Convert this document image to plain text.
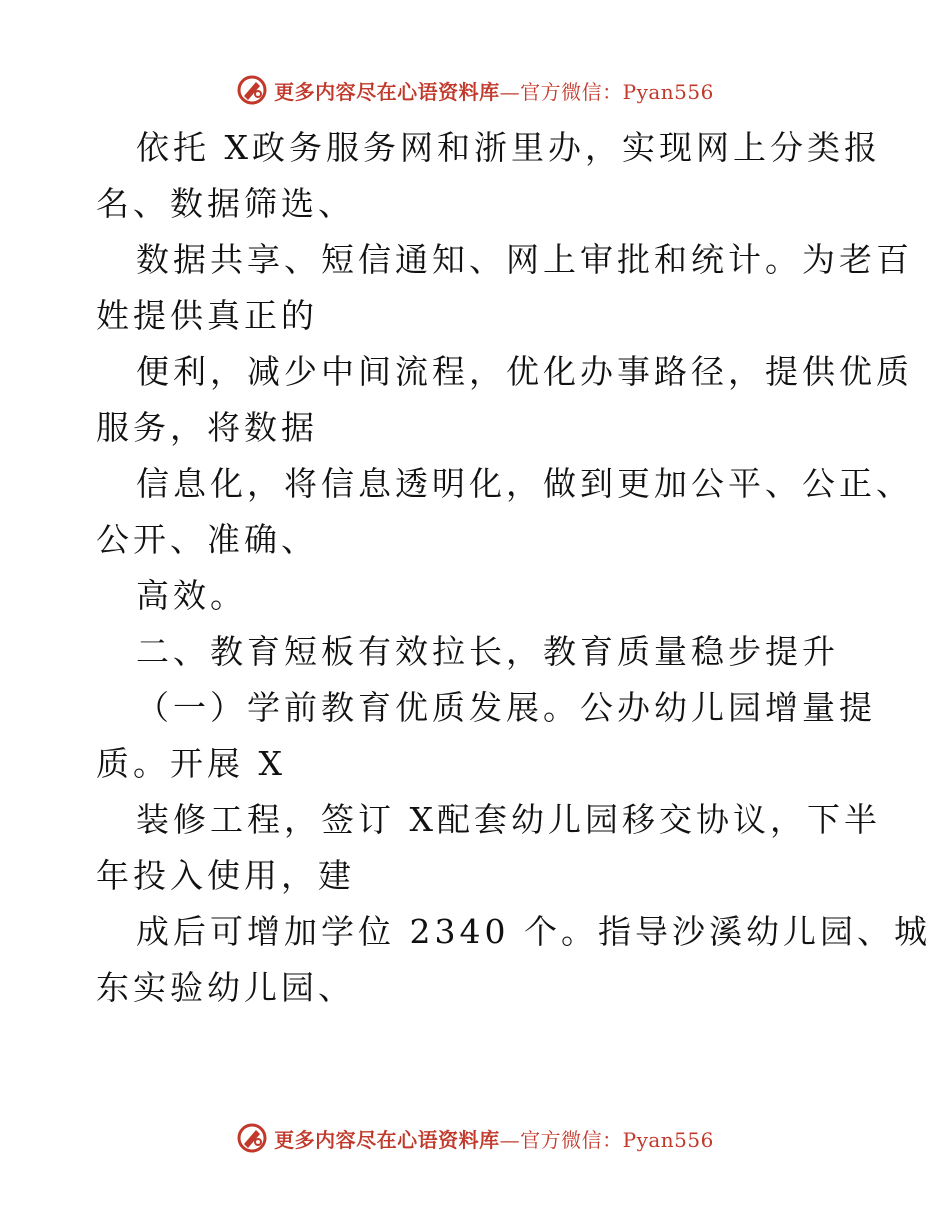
更多内容尽在心语资料库—官方微信：Pyan556
依托 X政务服务网和浙里办，实现网上分类报
名、数据筛选、
数据共享、短信通知、网上审批和统计。为老百
姓提供真正的
便利，减少中间流程，优化办事路径，提供优质
服务，将数据
信息化，将信息透明化，做到更加公平、公正、
公开、准确、
高效。
二、教育短板有效拉长，教育质量稳步提升
（一）学前教育优质发展。公办幼儿园增量提
质。开展 X
装修工程，签订 X配套幼儿园移交协议，下半
年投入使用，建
成后可增加学位 2340 个。指导沙溪幼儿园、城
东实验幼儿园、
更多内容尽在心语资料库—官方微信：Pyan556
